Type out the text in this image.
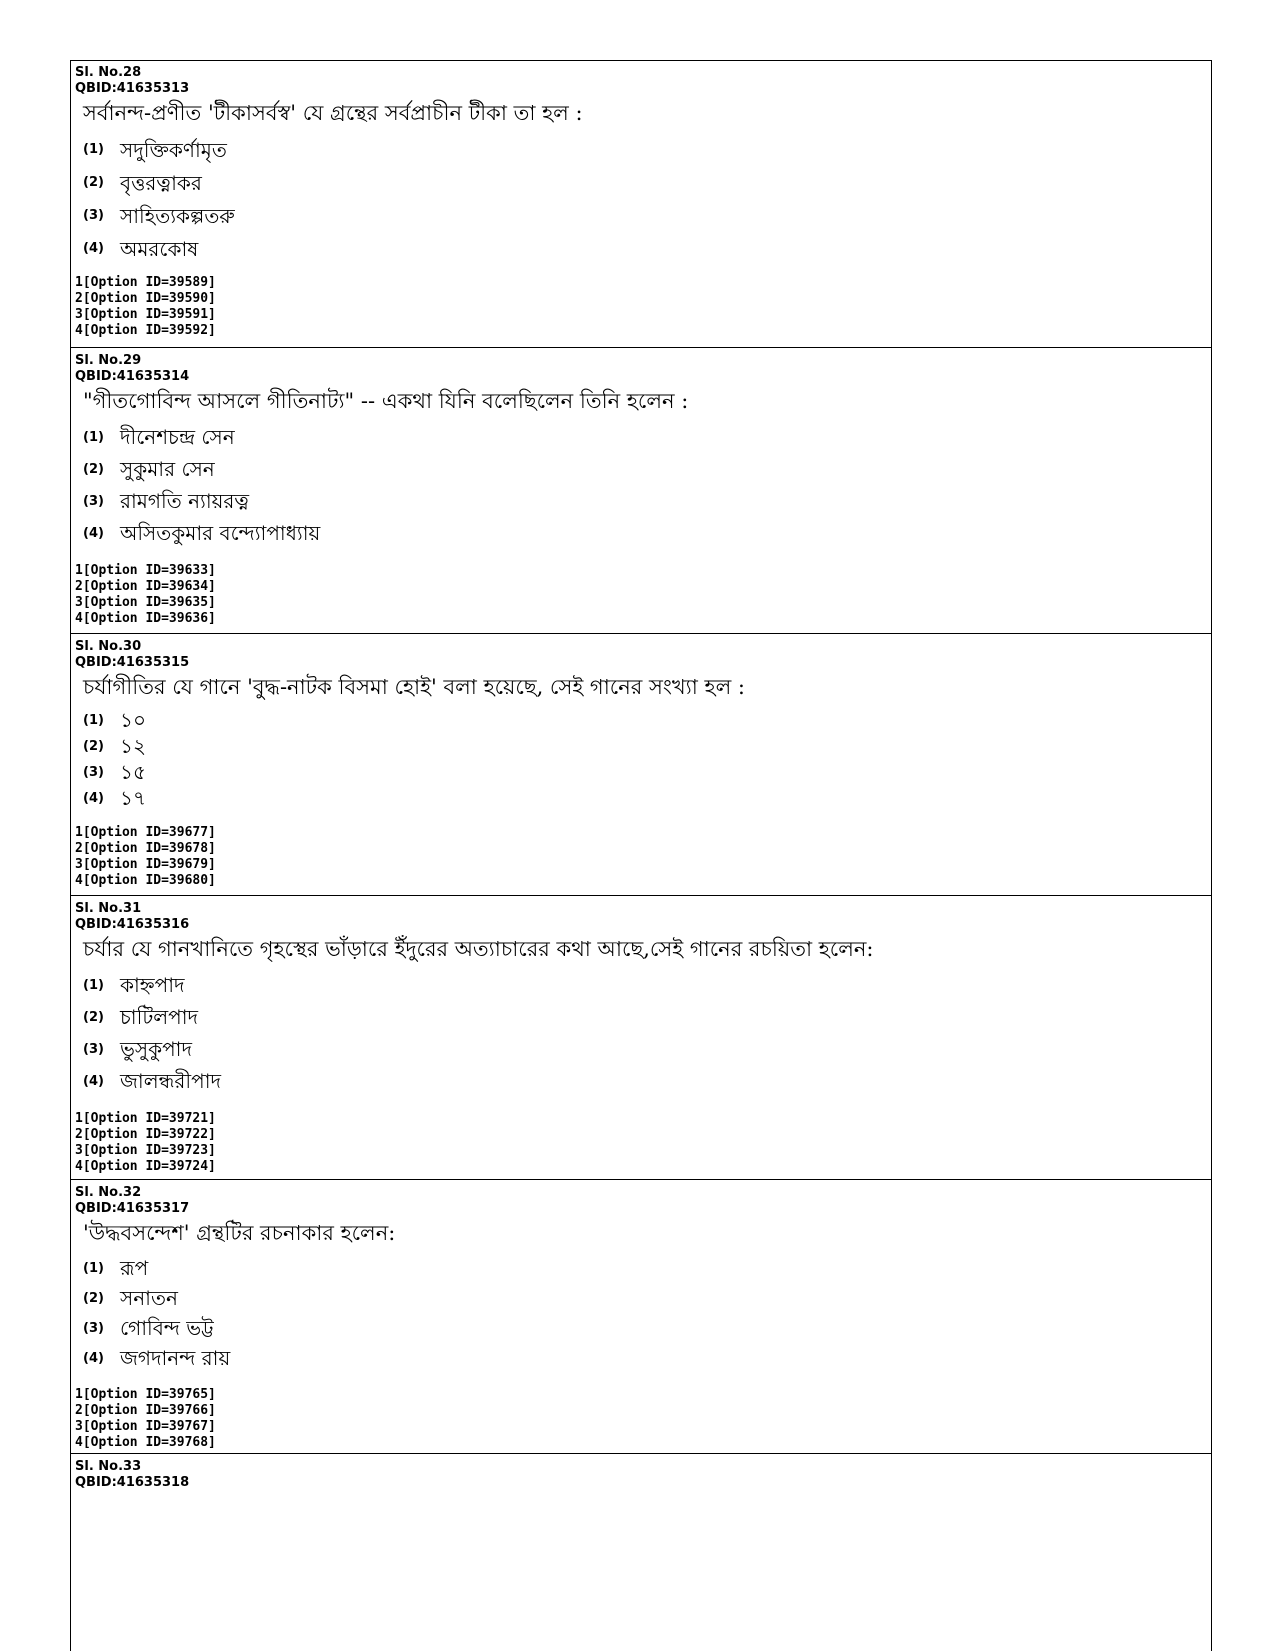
Sl. No.28
QBID:41635313
সর্বানন্দ-প্রণীত 'টীকাসর্বস্ব' যে গ্রন্থের সর্বপ্রাচীন টীকা তা হল :
(1) সদুক্তিকর্ণামৃত
(2) বৃত্তরত্নাকর
(3) সাহিত্যকল্পতরু
(4) অমরকোষ
1[Option ID=39589]
2[Option ID=39590]
3[Option ID=39591]
4[Option ID=39592]
Sl. No.29
QBID:41635314
"গীতগোবিন্দ আসলে গীতিনাট্য" -- একথা যিনি বলেছিলেন তিনি হলেন :
(1) দীনেশচন্দ্র সেন
(2) সুকুমার সেন
(3) রামগতি ন্যায়রত্ন
(4) অসিতকুমার বন্দ্যোপাধ্যায়
1[Option ID=39633]
2[Option ID=39634]
3[Option ID=39635]
4[Option ID=39636]
Sl. No.30
QBID:41635315
চর্যাগীতির যে গানে 'বুদ্ধ-নাটক বিসমা হোই' বলা হয়েছে, সেই গানের সংখ্যা হল :
(1) ১০
(2) ১২
(3) ১৫
(4) ১৭
1[Option ID=39677]
2[Option ID=39678]
3[Option ID=39679]
4[Option ID=39680]
Sl. No.31
QBID:41635316
চর্যার যে গানখানিতে গৃহস্থের ভাঁড়ারে ইঁদুরের অত্যাচারের কথা আছে,সেই গানের রচয়িতা হলেন:
(1) কাহ্নপাদ
(2) চাটিলপাদ
(3) ভুসুকুপাদ
(4) জালন্ধরীপাদ
1[Option ID=39721]
2[Option ID=39722]
3[Option ID=39723]
4[Option ID=39724]
Sl. No.32
QBID:41635317
'উদ্ধবসন্দেশ' গ্রন্থটির রচনাকার হলেন:
(1) রূপ
(2) সনাতন
(3) গোবিন্দ ভট্ট
(4) জগদানন্দ রায়
1[Option ID=39765]
2[Option ID=39766]
3[Option ID=39767]
4[Option ID=39768]
Sl. No.33
QBID:41635318
